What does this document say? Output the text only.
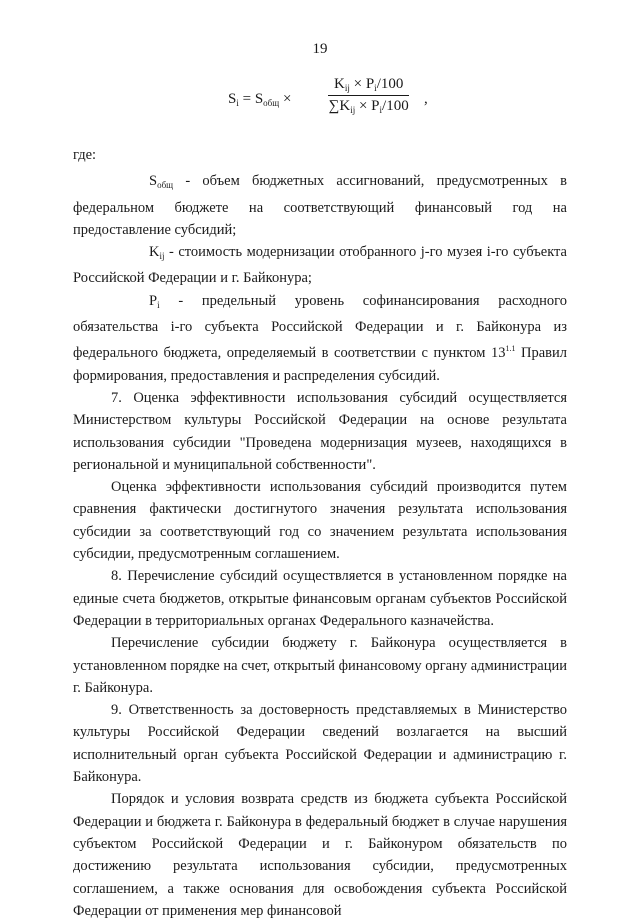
19
$S_i = S_{общ}$ ×
$K_{ij} \times P_i/100$
$\sum K_{ij} \times P_i/100$ ,

где:

$S_{общ}$ - объем бюджетных ассигнований, предусмотренных в федеральном бюджете на соответствующий финансовый год на предоставление субсидий;

$K_{ij}$ - стоимость модернизации отобранного j-го музея i-го субъекта Российской Федерации и г. Байконура;

$P_i$ - предельный уровень софинансирования расходного обязательства i-го субъекта Российской Федерации и г. Байконура из федерального бюджета, определяемый в соответствии с пунктом $13^{1.1}$ Правил формирования, предоставления и распределения субсидий.

7. Оценка эффективности использования субсидий осуществляется Министерством культуры Российской Федерации на основе результата использования субсидии "Проведена модернизация музеев, находящихся в региональной и муниципальной собственности".

Оценка эффективности использования субсидий производится путем сравнения фактически достигнутого значения результата использования субсидии за соответствующий год со значением результата использования субсидии, предусмотренным соглашением.

8. Перечисление субсидий осуществляется в установленном порядке на единые счета бюджетов, открытые финансовым органам субъектов Российской Федерации в территориальных органах Федерального казначейства.

Перечисление субсидии бюджету г. Байконура осуществляется в установленном порядке на счет, открытый финансовому органу администрации г. Байконура.

9. Ответственность за достоверность представляемых в Министерство культуры Российской Федерации сведений возлагается на высший исполнительный орган субъекта Российской Федерации и администрацию г. Байконура.

Порядок и условия возврата средств из бюджета субъекта Российской Федерации и бюджета г. Байконура в федеральный бюджет в случае нарушения субъектом Российской Федерации и г. Байконуром обязательств по достижению результата использования субсидии, предусмотренных соглашением, а также основания для освобождения субъекта Российской Федерации от применения мер финансовой
